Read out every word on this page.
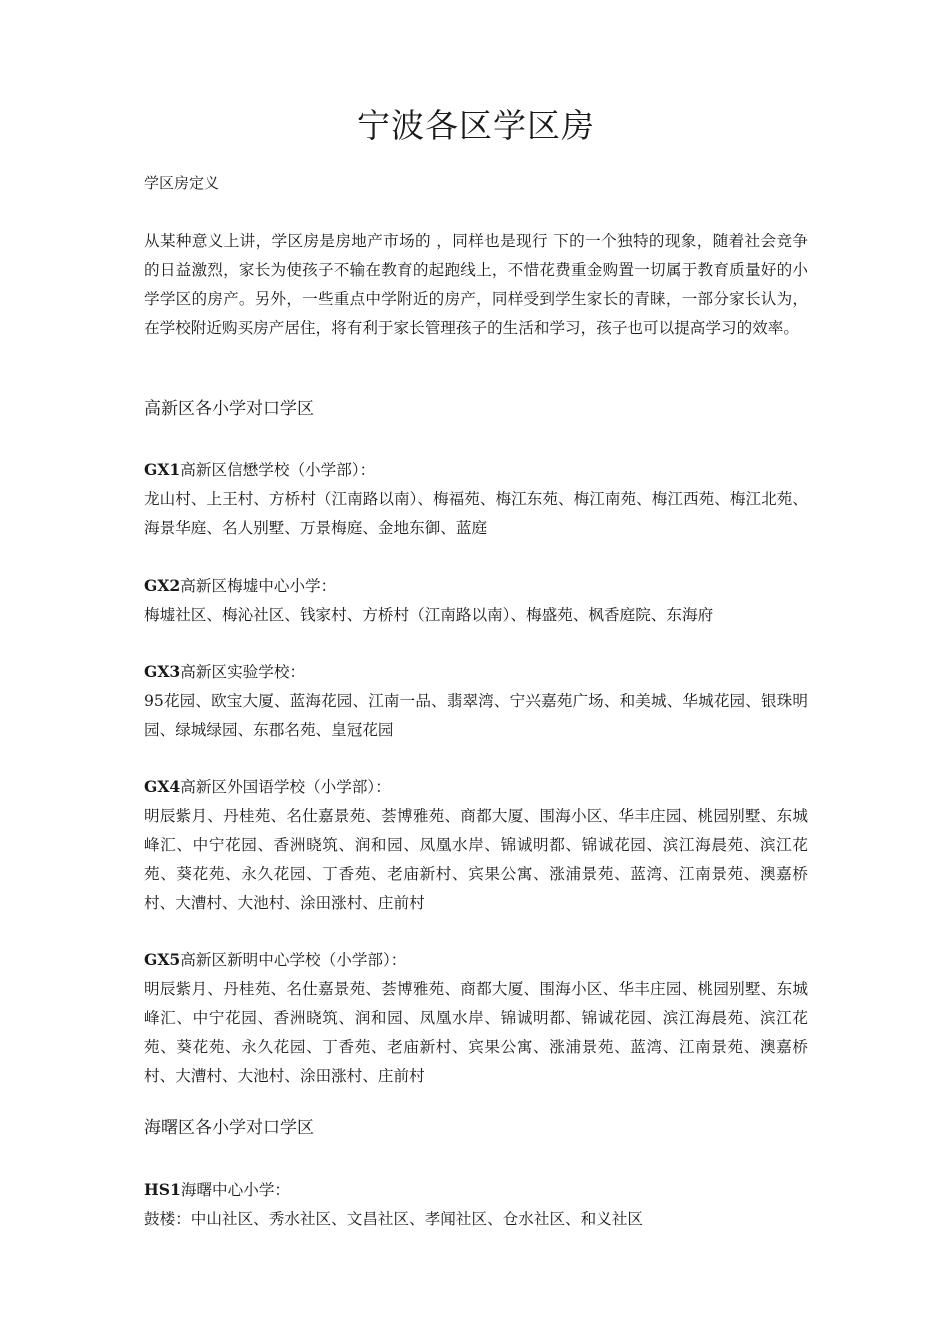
宁波各区学区房

学区房定义

从某种意义上讲，学区房是房地产市场的 ，同样也是现行 下的一个独特的现象，随着社会竞争的日益激烈，家长为使孩子不输在教育的起跑线上，不惜花费重金购置一切属于教育质量好的小学学区的房产。另外，一些重点中学附近的房产，同样受到学生家长的青睐，一部分家长认为，在学校附近购买房产居住，将有利于家长管理孩子的生活和学习，孩子也可以提高学习的效率。

高新区各小学对口学区

GX1高新区信懋学校（小学部）：

龙山村、上王村、方桥村（江南路以南）、梅福苑、梅江东苑、梅江南苑、梅江西苑、梅江北苑、海景华庭、名人别墅、万景梅庭、金地东御、蓝庭

GX2高新区梅墟中心小学：

梅墟社区、梅沁社区、钱家村、方桥村（江南路以南）、梅盛苑、枫香庭院、东海府

GX3高新区实验学校：

95花园、欧宝大厦、蓝海花园、江南一品、翡翠湾、宁兴嘉苑广场、和美城、华城花园、银珠明园、绿城绿园、东郡名苑、皇冠花园

GX4高新区外国语学校（小学部）：

明辰紫月、丹桂苑、名仕嘉景苑、荟博雅苑、商都大厦、围海小区、华丰庄园、桃园别墅、东城峰汇、中宁花园、香洲晓筑、润和园、凤凰水岸、锦诚明都、锦诚花园、滨江海晨苑、滨江花苑、葵花苑、永久花园、丁香苑、老庙新村、宾果公寓、涨浦景苑、蓝湾、江南景苑、澳嘉桥村、大漕村、大池村、涂田涨村、庄前村

GX5高新区新明中心学校（小学部）：

明辰紫月、丹桂苑、名仕嘉景苑、荟博雅苑、商都大厦、围海小区、华丰庄园、桃园别墅、东城峰汇、中宁花园、香洲晓筑、润和园、凤凰水岸、锦诚明都、锦诚花园、滨江海晨苑、滨江花苑、葵花苑、永久花园、丁香苑、老庙新村、宾果公寓、涨浦景苑、蓝湾、江南景苑、澳嘉桥村、大漕村、大池村、涂田涨村、庄前村

海曙区各小学对口学区

HS1海曙中心小学：

鼓楼：中山社区、秀水社区、文昌社区、孝闻社区、仓水社区、和义社区
